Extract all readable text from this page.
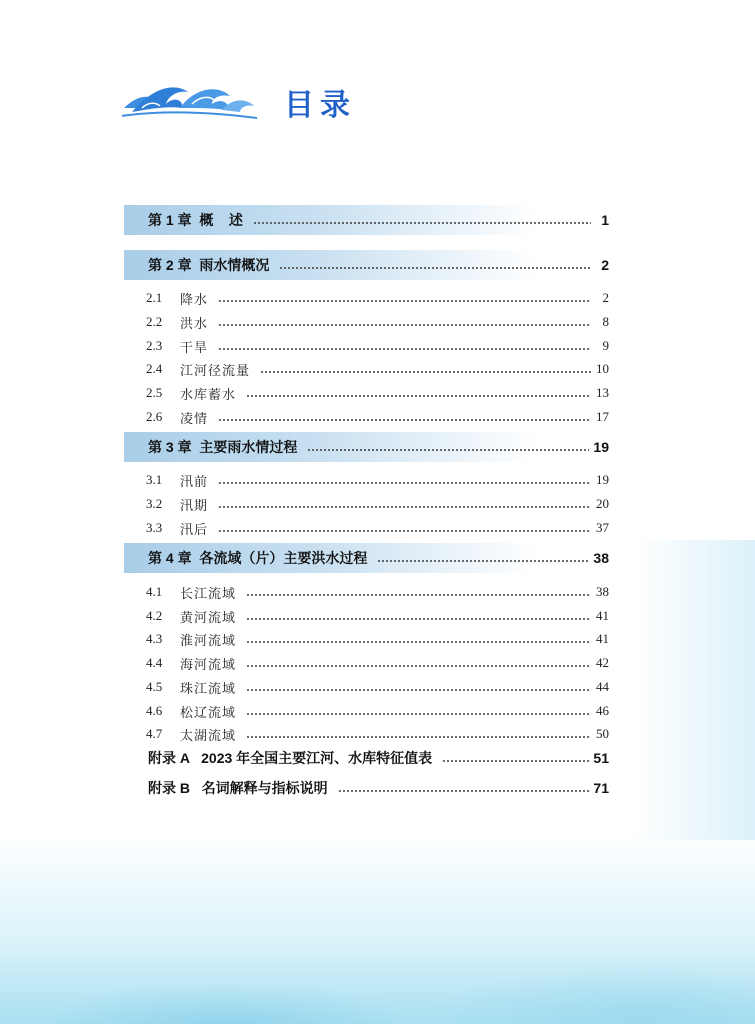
目录
第 1 章  概    述	1
第 2 章  雨水情概况	2
2.1	降水	2
2.2	洪水	8
2.3	干旱	9
2.4	江河径流量	10
2.5	水库蓄水	13
2.6	凌情	17
第 3 章  主要雨水情过程	19
3.1	汛前	19
3.2	汛期	20
3.3	汛后	37
第 4 章  各流域（片）主要洪水过程	38
4.1	长江流域	38
4.2	黄河流域	41
4.3	淮河流域	41
4.4	海河流域	42
4.5	珠江流域	44
4.6	松辽流域	46
4.7	太湖流域	50
附录 A   2023 年全国主要江河、水库特征值表	51
附录 B   名词解释与指标说明	71
